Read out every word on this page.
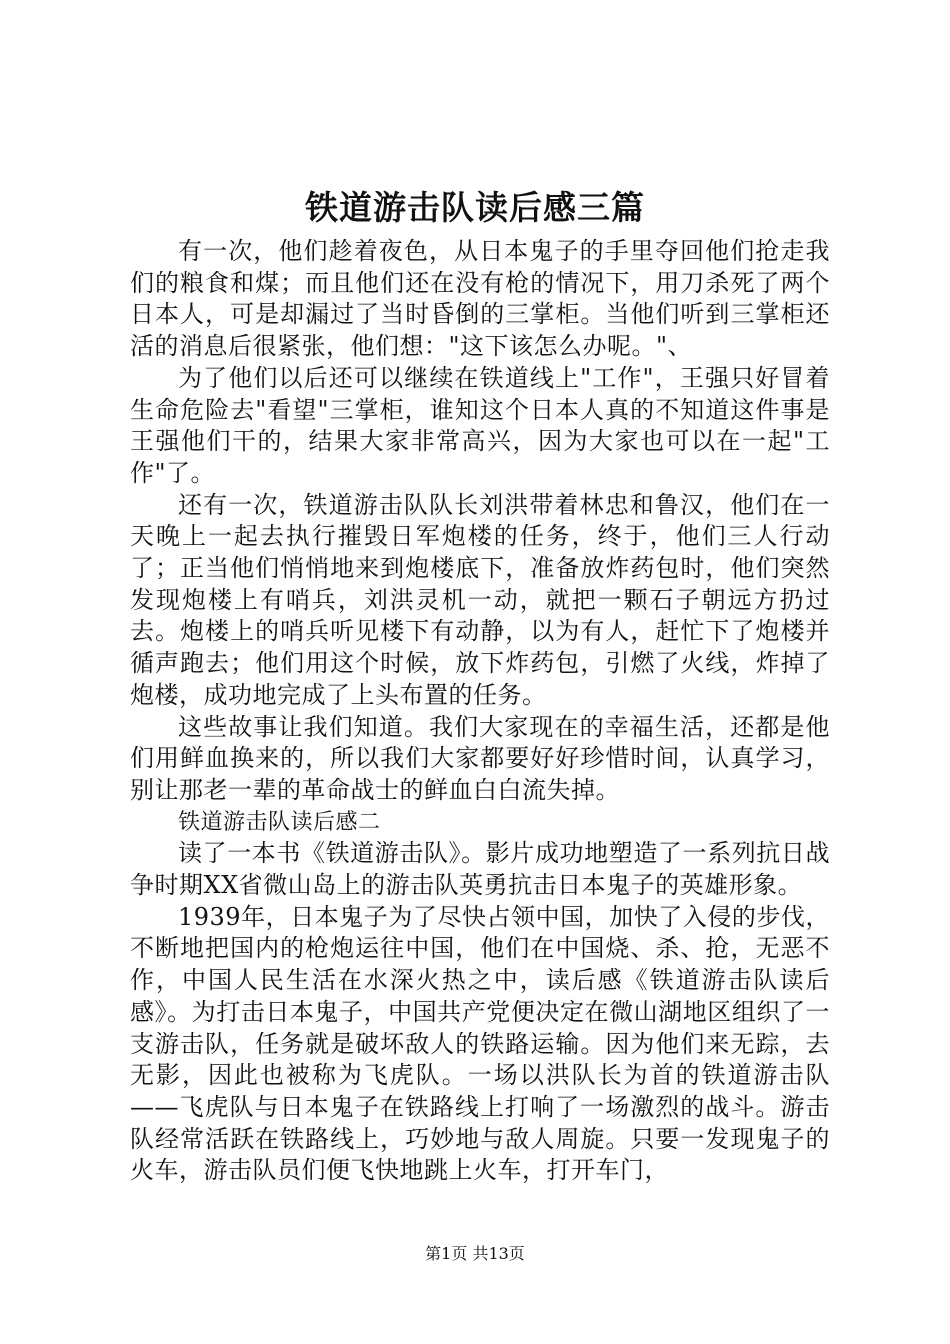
铁道游击队读后感三篇

有一次，他们趁着夜色，从日本鬼子的手里夺回他们抢走我们的粮食和煤；而且他们还在没有枪的情况下，用刀杀死了两个日本人，可是却漏过了当时昏倒的三掌柜。当他们听到三掌柜还活的消息后很紧张，他们想："这下该怎么办呢。"、

为了他们以后还可以继续在铁道线上"工作"，王强只好冒着生命危险去"看望"三掌柜，谁知这个日本人真的不知道这件事是王强他们干的，结果大家非常高兴，因为大家也可以在一起"工作"了。

还有一次，铁道游击队队长刘洪带着林忠和鲁汉，他们在一天晚上一起去执行摧毁日军炮楼的任务，终于，他们三人行动了；正当他们悄悄地来到炮楼底下，准备放炸药包时，他们突然发现炮楼上有哨兵，刘洪灵机一动，就把一颗石子朝远方扔过去。炮楼上的哨兵听见楼下有动静，以为有人，赶忙下了炮楼并循声跑去；他们用这个时候，放下炸药包，引燃了火线，炸掉了炮楼，成功地完成了上头布置的任务。

这些故事让我们知道。我们大家现在的幸福生活，还都是他们用鲜血换来的，所以我们大家都要好好珍惜时间，认真学习，别让那老一辈的革命战士的鲜血白白流失掉。

铁道游击队读后感二

读了一本书《铁道游击队》。影片成功地塑造了一系列抗日战争时期XX省微山岛上的游击队英勇抗击日本鬼子的英雄形象。

1939年，日本鬼子为了尽快占领中国，加快了入侵的步伐，不断地把国内的枪炮运往中国，他们在中国烧、杀、抢，无恶不作，中国人民生活在水深火热之中，读后感《铁道游击队读后感》。为打击日本鬼子，中国共产党便决定在微山湖地区组织了一支游击队，任务就是破坏敌人的铁路运输。因为他们来无踪，去无影，因此也被称为飞虎队。一场以洪队长为首的铁道游击队——飞虎队与日本鬼子在铁路线上打响了一场激烈的战斗。游击队经常活跃在铁路线上，巧妙地与敌人周旋。只要一发现鬼子的火车，游击队员们便飞快地跳上火车，打开车门，

第1页 共13页
